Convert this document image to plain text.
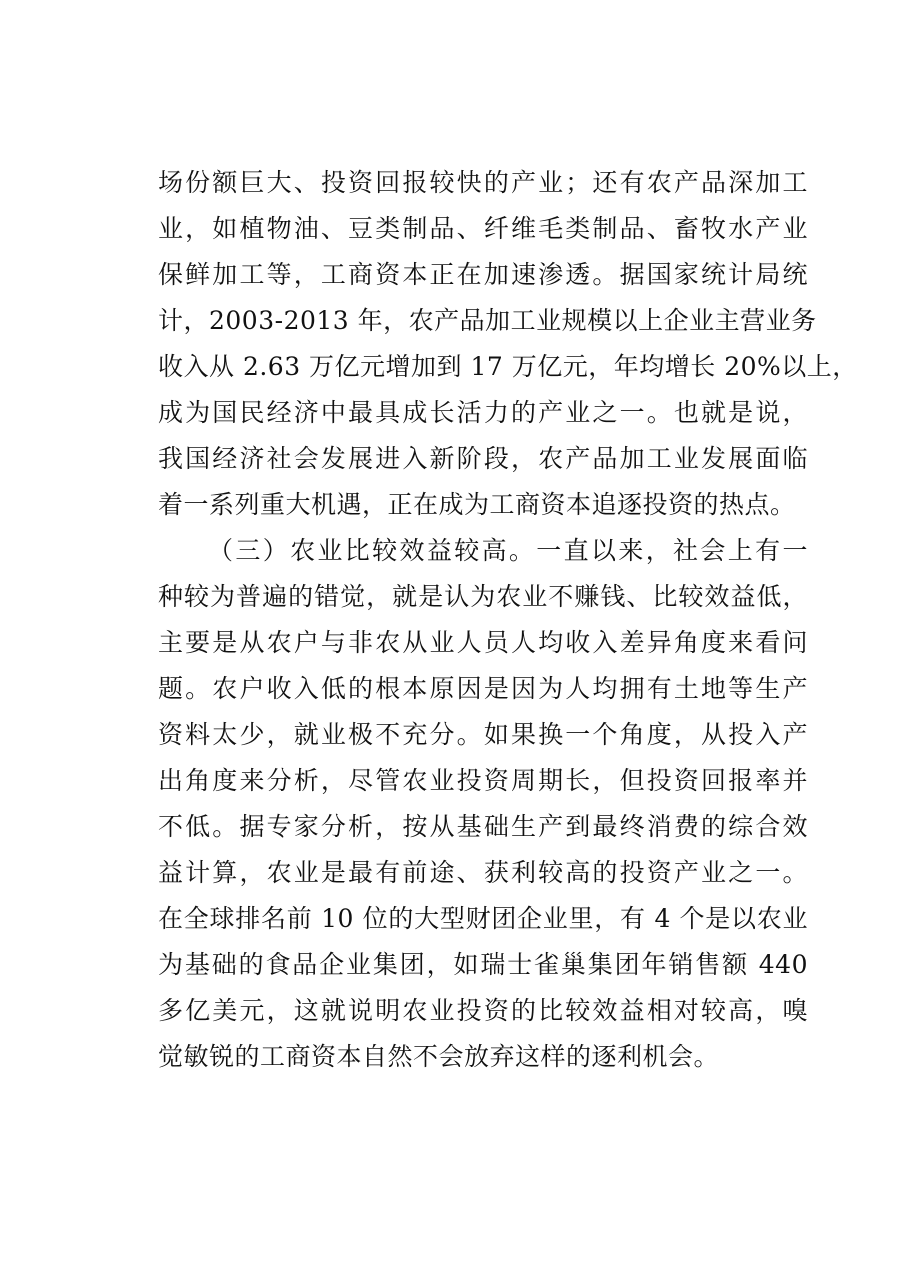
场份额巨大、投资回报较快的产业；还有农产品深加工
业，如植物油、豆类制品、纤维毛类制品、畜牧水产业
保鲜加工等，工商资本正在加速渗透。据国家统计局统
计，2003-2013 年，农产品加工业规模以上企业主营业务
收入从 2.63 万亿元增加到 17 万亿元，年均增长 20%以上，
成为国民经济中最具成长活力的产业之一。也就是说，
我国经济社会发展进入新阶段，农产品加工业发展面临
着一系列重大机遇，正在成为工商资本追逐投资的热点。
（三）农业比较效益较高。一直以来，社会上有一
种较为普遍的错觉，就是认为农业不赚钱、比较效益低，
主要是从农户与非农从业人员人均收入差异角度来看问
题。农户收入低的根本原因是因为人均拥有土地等生产
资料太少，就业极不充分。如果换一个角度，从投入产
出角度来分析，尽管农业投资周期长，但投资回报率并
不低。据专家分析，按从基础生产到最终消费的综合效
益计算，农业是最有前途、获利较高的投资产业之一。
在全球排名前 10 位的大型财团企业里，有 4 个是以农业
为基础的食品企业集团，如瑞士雀巢集团年销售额 440
多亿美元，这就说明农业投资的比较效益相对较高，嗅
觉敏锐的工商资本自然不会放弃这样的逐利机会。
